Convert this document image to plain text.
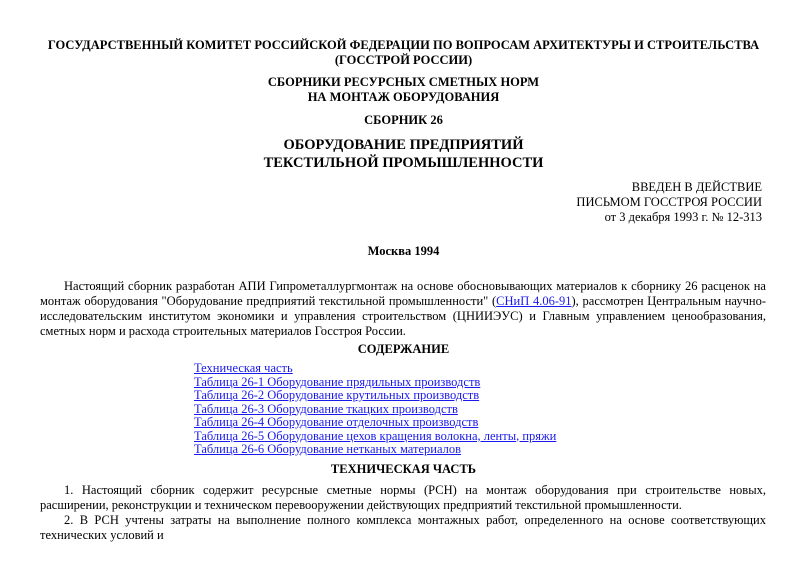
ГОСУДАРСТВЕННЫЙ КОМИТЕТ РОССИЙСКОЙ ФЕДЕРАЦИИ ПО ВОПРОСАМ АРХИТЕКТУРЫ И СТРОИТЕЛЬСТВА
(ГОССТРОЙ РОССИИ)
СБОРНИКИ РЕСУРСНЫХ СМЕТНЫХ НОРМ
НА МОНТАЖ ОБОРУДОВАНИЯ
СБОРНИК 26
ОБОРУДОВАНИЕ ПРЕДПРИЯТИЙ
ТЕКСТИЛЬНОЙ ПРОМЫШЛЕННОСТИ
ВВЕДЕН В ДЕЙСТВИЕ
ПИСЬМОМ ГОССТРОЯ РОССИИ
от 3 декабря 1993 г. № 12-313
Москва 1994

Настоящий сборник разработан АПИ Гипрометаллургмонтаж на основе обосновывающих материалов к сборнику 26 расценок на монтаж оборудования "Оборудование предприятий текстильной промышленности" (СНиП 4.06-91), рассмотрен Центральным научно-исследовательским институтом экономики и управления строительством (ЦНИИЭУС) и Главным управлением ценообразования, сметных норм и расхода строительных материалов Госстроя России.

СОДЕРЖАНИЕ
Техническая часть
Таблица 26-1 Оборудование прядильных производств
Таблица 26-2 Оборудование крутильных производств
Таблица 26-3 Оборудование ткацких производств
Таблица 26-4 Оборудование отделочных производств
Таблица 26-5 Оборудование цехов кращения волокна, ленты, пряжи
Таблица 26-6 Оборудование нетканых материалов
ТЕХНИЧЕСКАЯ ЧАСТЬ

1. Настоящий сборник содержит ресурсные сметные нормы (РСН) на монтаж оборудования при строительстве новых, расширении, реконструкции и техническом перевооружении действующих предприятий текстильной промышленности.

2. В РСН учтены затраты на выполнение полного комплекса монтажных работ, определенного на основе соответствующих технических условий и
